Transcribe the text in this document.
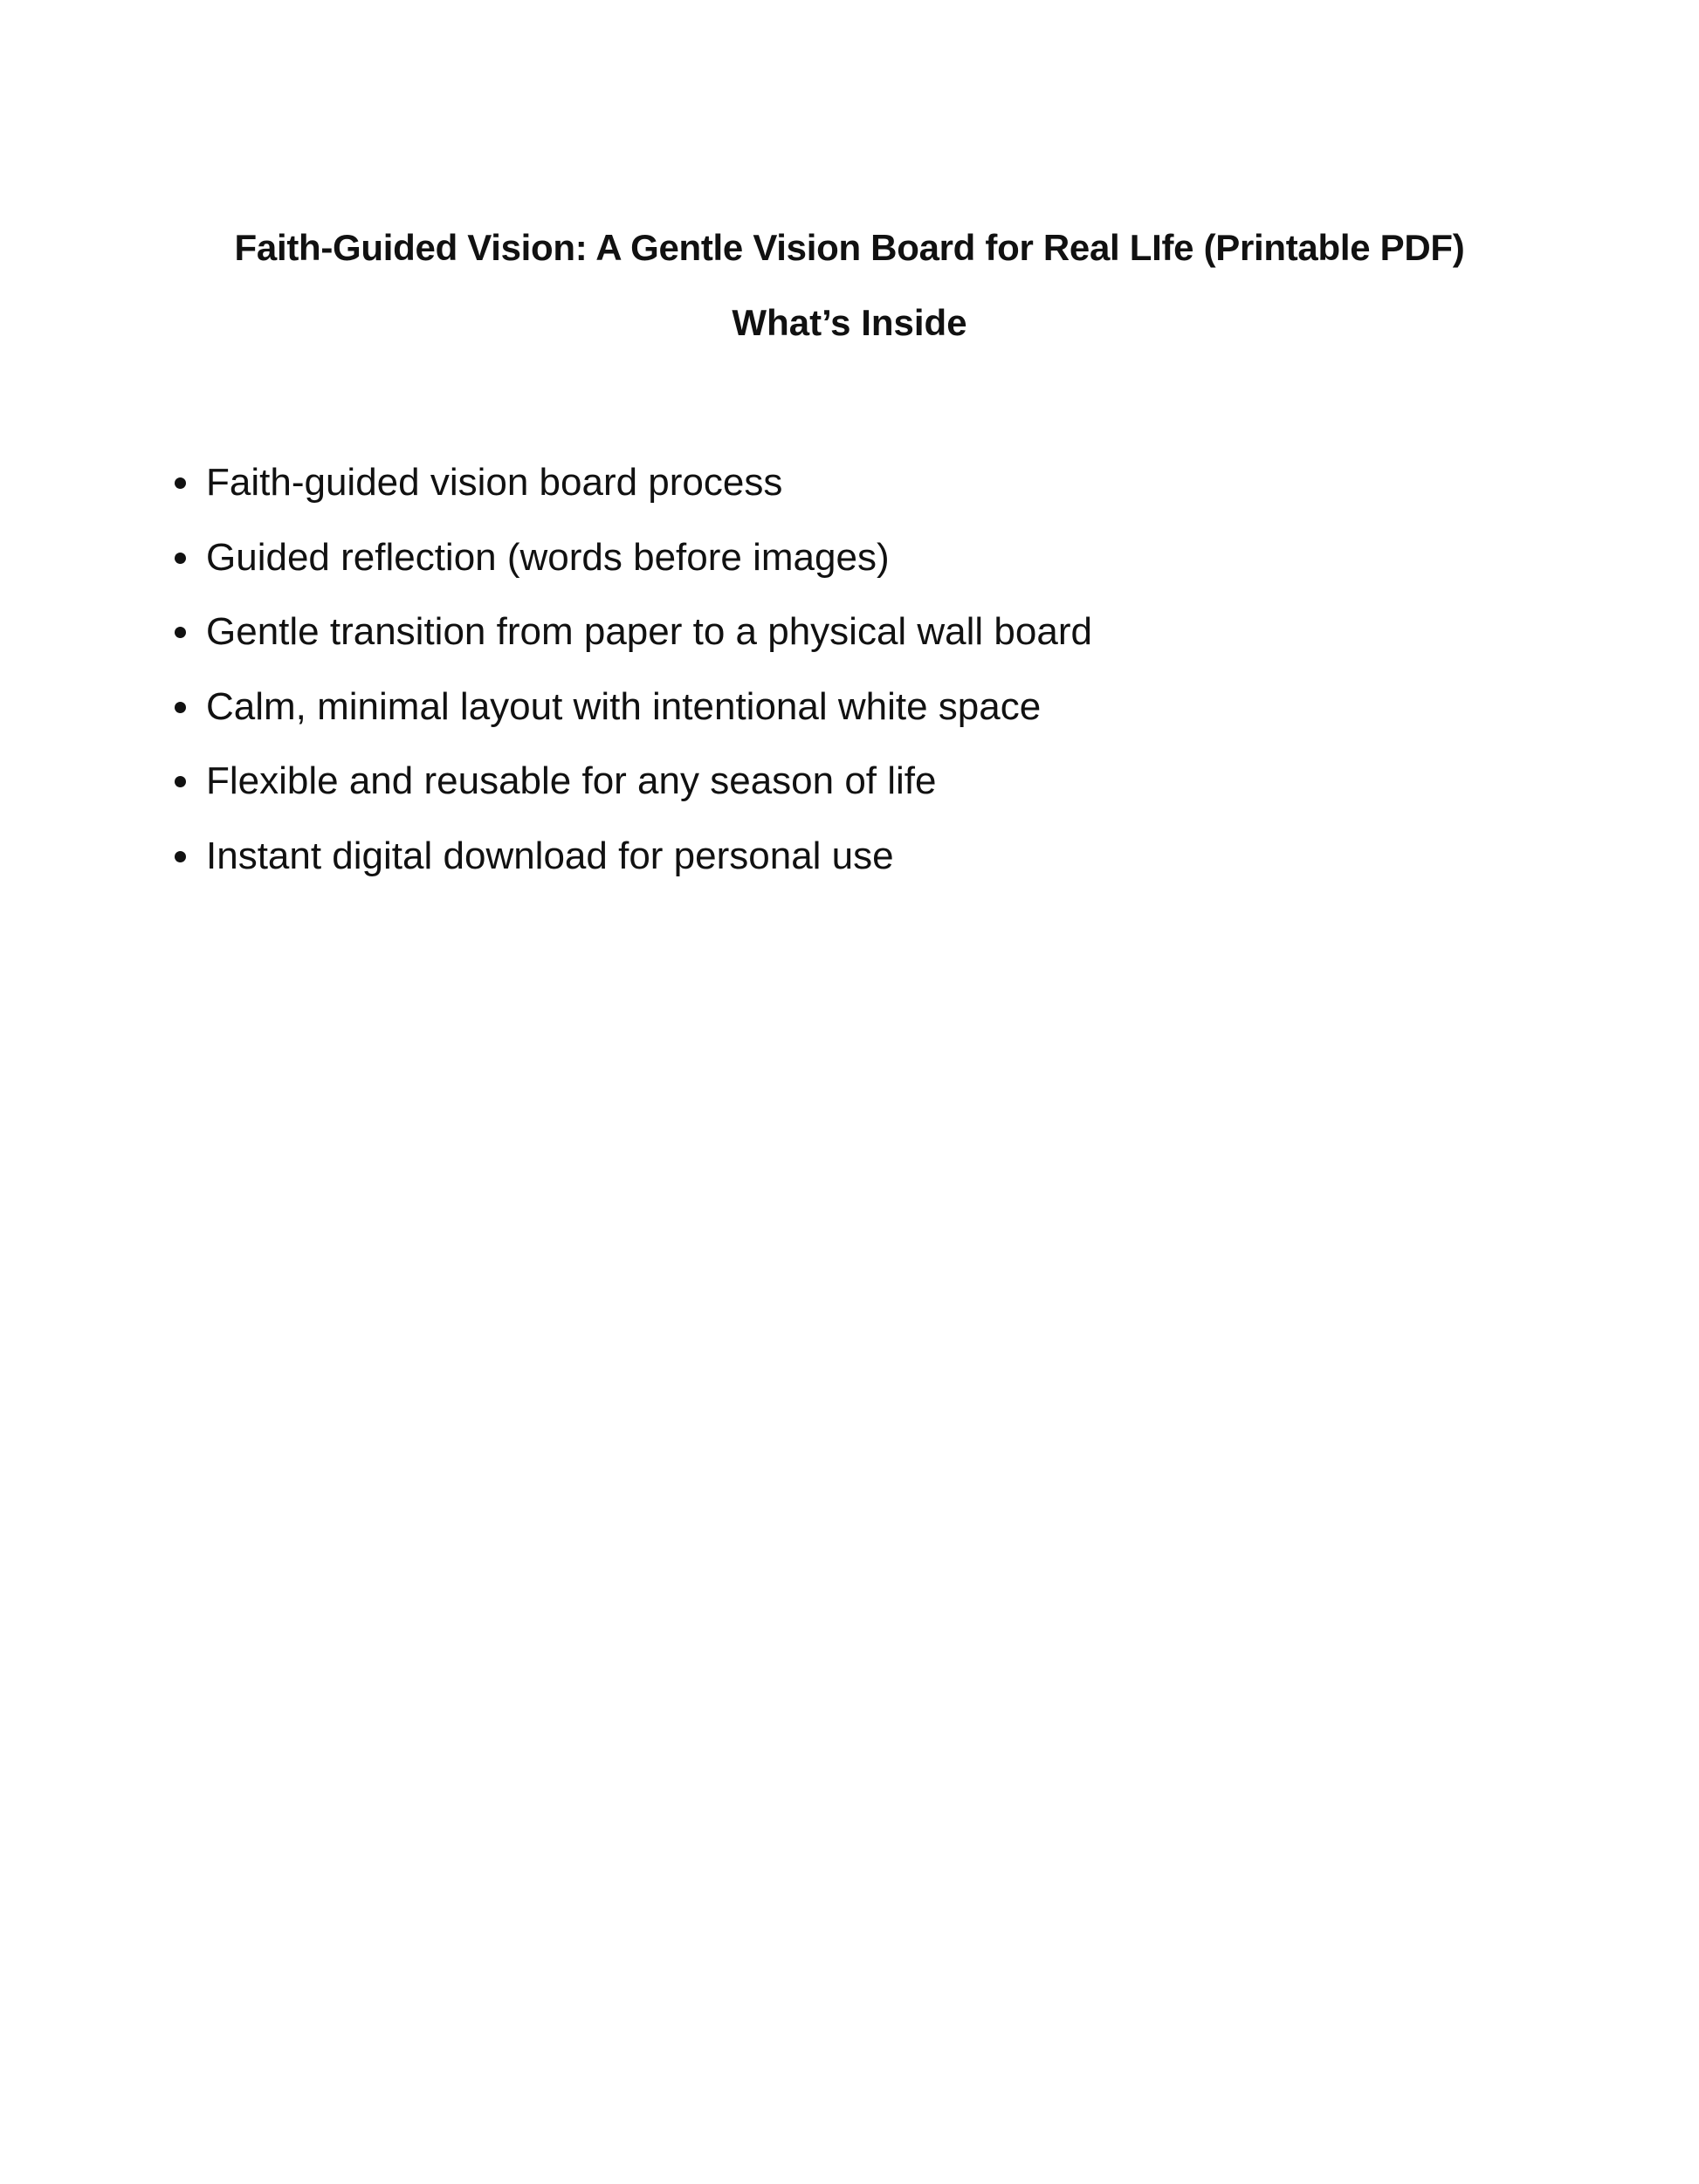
Faith-Guided Vision: A Gentle Vision Board for Real LIfe (Printable PDF)
What’s Inside
Faith-guided vision board process
Guided reflection (words before images)
Gentle transition from paper to a physical wall board
Calm, minimal layout with intentional white space
Flexible and reusable for any season of life
Instant digital download for personal use
